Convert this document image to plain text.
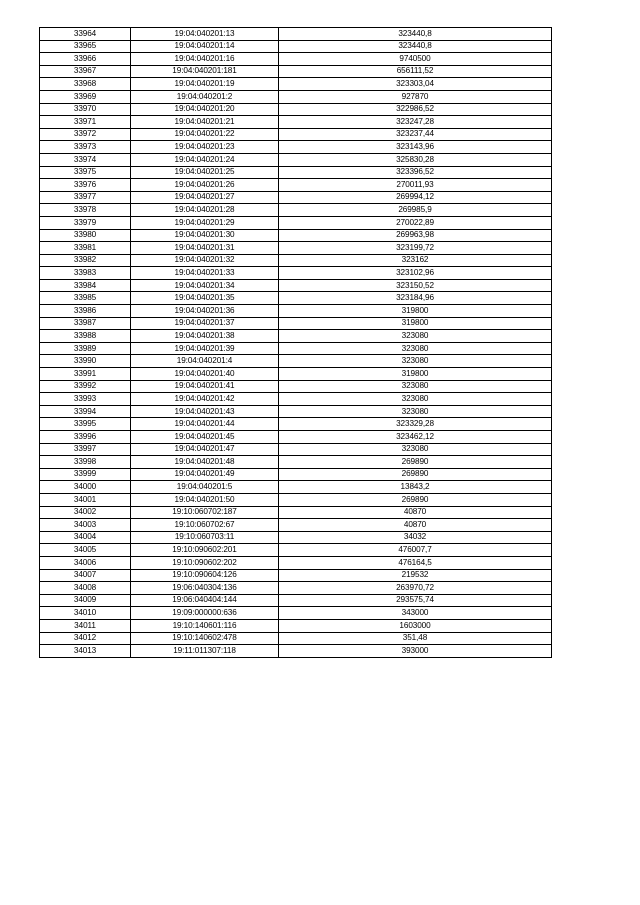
33964	19:04:040201:13	323440,8
33965	19:04:040201:14	323440,8
33966	19:04:040201:16	9740500
33967	19:04:040201:181	656111,52
33968	19:04:040201:19	323303,04
33969	19:04:040201:2	927870
33970	19:04:040201:20	322986,52
33971	19:04:040201:21	323247,28
33972	19:04:040201:22	323237,44
33973	19:04:040201:23	323143,96
33974	19:04:040201:24	325830,28
33975	19:04:040201:25	323396,52
33976	19:04:040201:26	270011,93
33977	19:04:040201:27	269994,12
33978	19:04:040201:28	269985,9
33979	19:04:040201:29	270022,89
33980	19:04:040201:30	269963,98
33981	19:04:040201:31	323199,72
33982	19:04:040201:32	323162
33983	19:04:040201:33	323102,96
33984	19:04:040201:34	323150,52
33985	19:04:040201:35	323184,96
33986	19:04:040201:36	319800
33987	19:04:040201:37	319800
33988	19:04:040201:38	323080
33989	19:04:040201:39	323080
33990	19:04:040201:4	323080
33991	19:04:040201:40	319800
33992	19:04:040201:41	323080
33993	19:04:040201:42	323080
33994	19:04:040201:43	323080
33995	19:04:040201:44	323329,28
33996	19:04:040201:45	323462,12
33997	19:04:040201:47	323080
33998	19:04:040201:48	269890
33999	19:04:040201:49	269890
34000	19:04:040201:5	13843,2
34001	19:04:040201:50	269890
34002	19:10:060702:187	40870
34003	19:10:060702:67	40870
34004	19:10:060703:11	34032
34005	19:10:090602:201	476007,7
34006	19:10:090602:202	476164,5
34007	19:10:090604:126	219532
34008	19:06:040304:136	263970,72
34009	19:06:040404:144	293575,74
34010	19:09:000000:636	343000
34011	19:10:140601:116	1603000
34012	19:10:140602:478	351,48
34013	19:11:011307:118	393000
